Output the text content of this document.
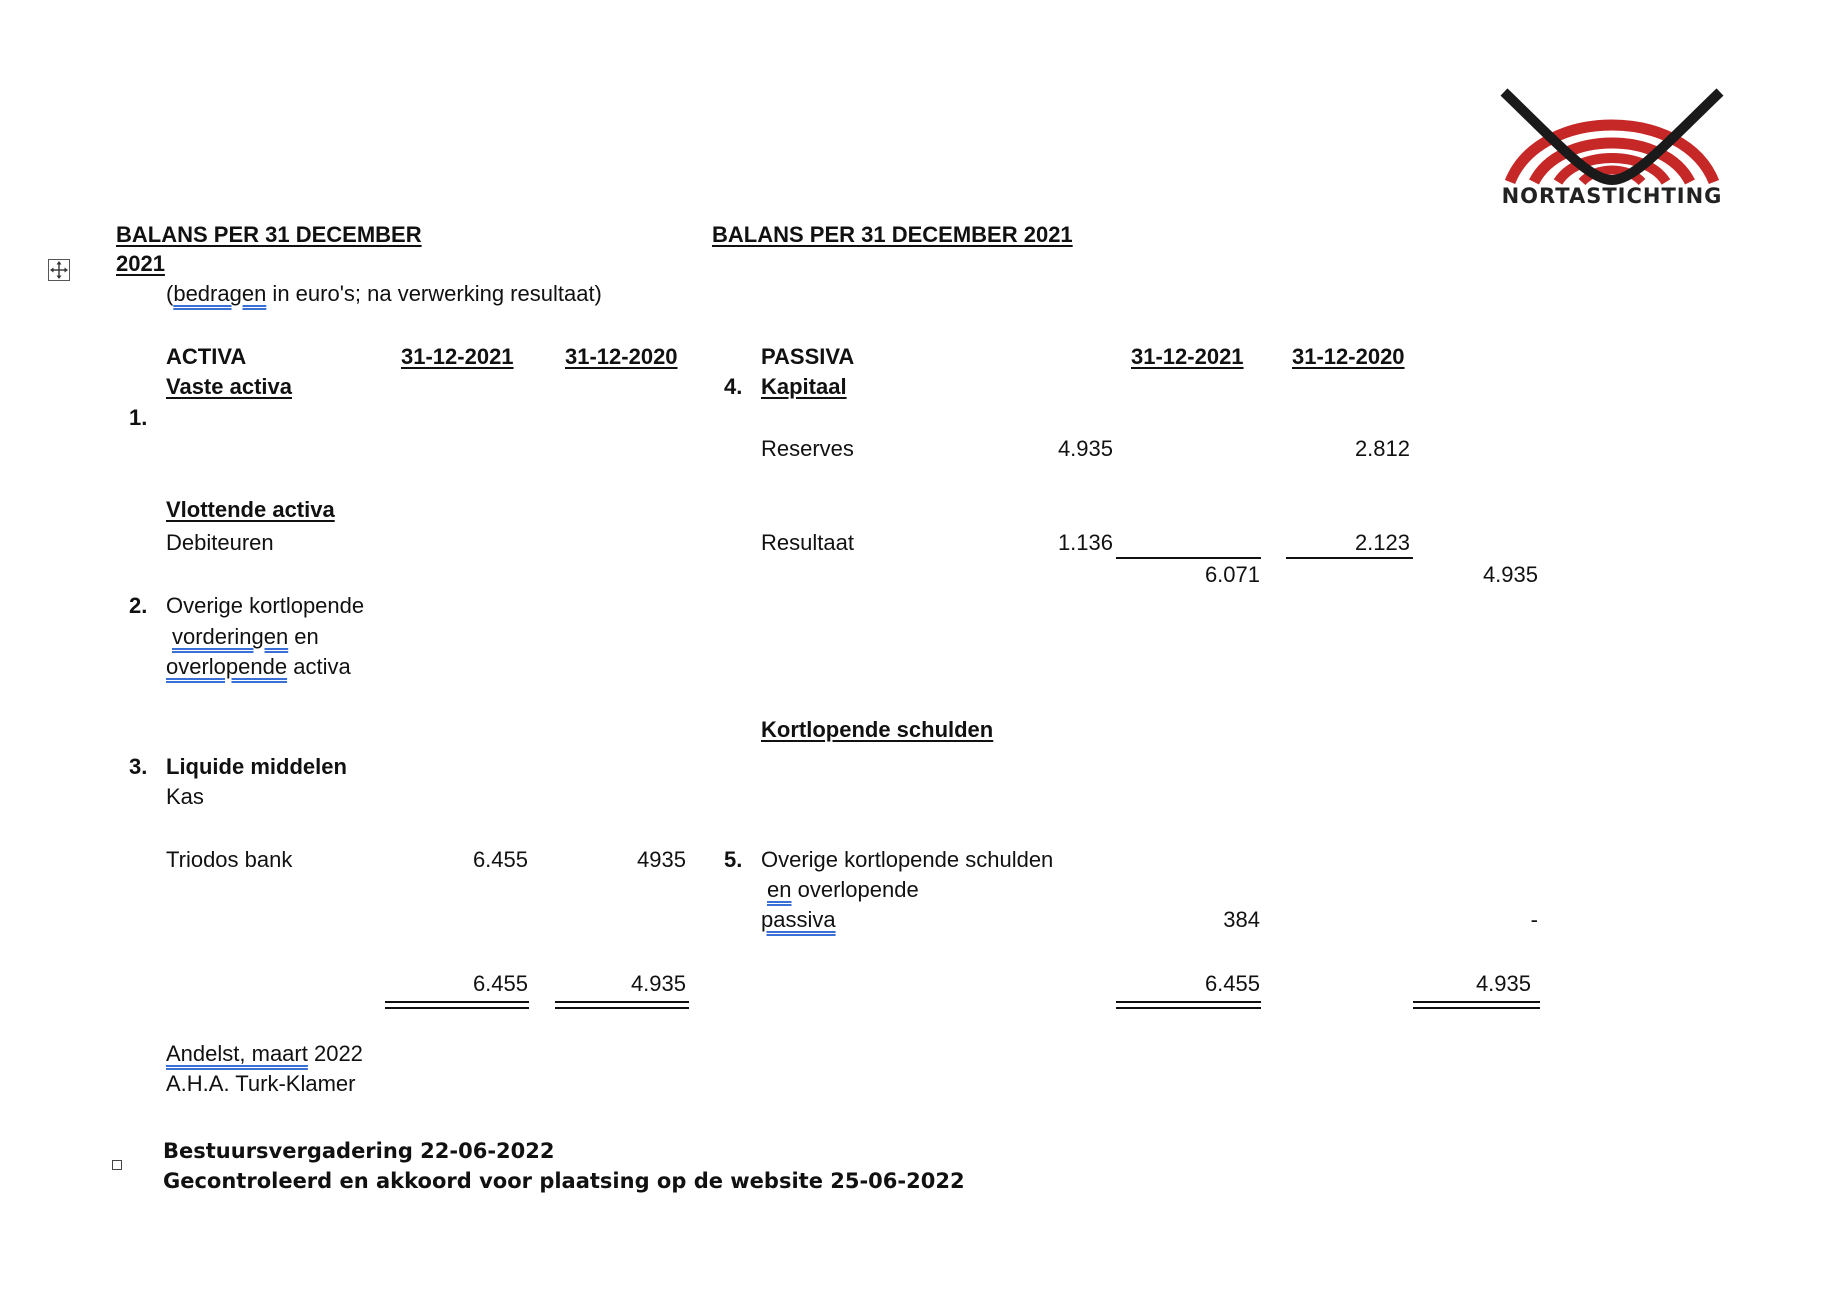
NORTASTICHTING
BALANS PER 31 DECEMBER
2021
BALANS PER 31 DECEMBER 2021
(bedragen in euro's; na verwerking resultaat)
ACTIVA	31-12-2021 31-12-2020
Vaste activa
1.
Vlottende activa
Debiteuren
2. Overige kortlopende
vorderingen en
overlopende activa
3. Liquide middelen
Kas
Triodos bank	6.455	4935
6.455	4.935
PASSIVA	31-12-2021 31-12-2020
4. Kapitaal
Reserves	4.935	2.812
Resultaat	1.136	2.123
6.071	4.935
Kortlopende schulden
5. Overige kortlopende schulden
en overlopende
passiva	384	-
6.455	4.935
Andelst, maart 2022
A.H.A. Turk-Klamer
Bestuursvergadering 22-06-2022
Gecontroleerd en akkoord voor plaatsing op de website 25-06-2022
